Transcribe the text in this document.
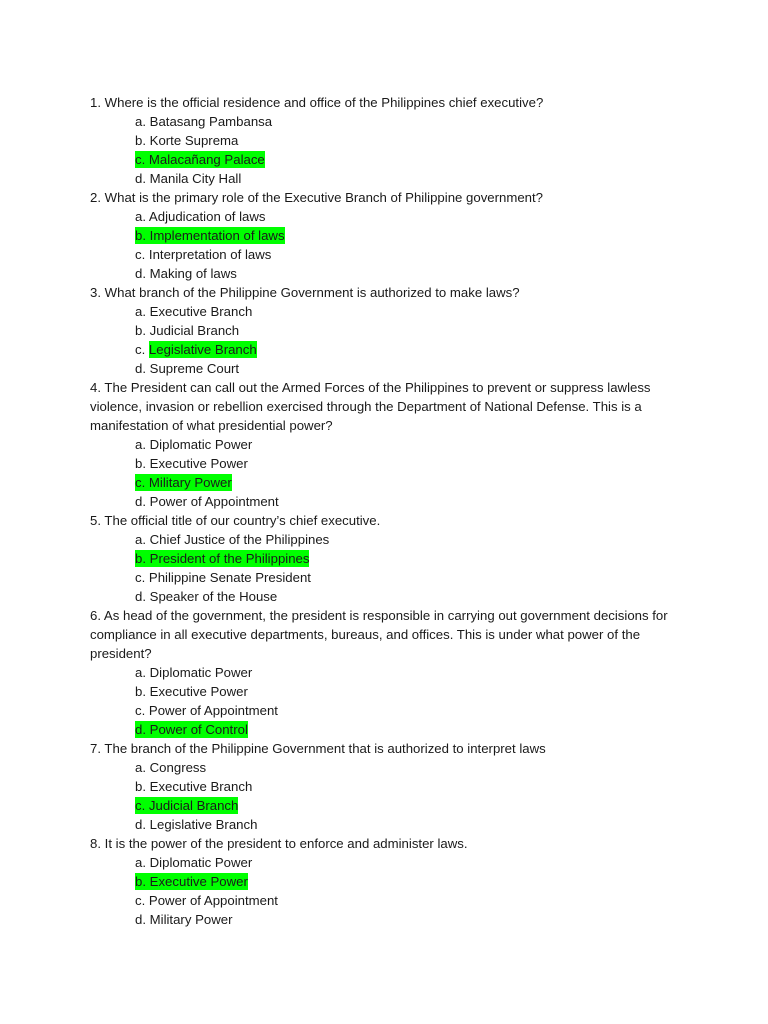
1. Where is the official residence and office of the Philippines chief executive?
a. Batasang Pambansa
b. Korte Suprema
c. Malacañang Palace
d. Manila City Hall
2. What is the primary role of the Executive Branch of Philippine government?
a. Adjudication of laws
b. Implementation of laws
c. Interpretation of laws
d. Making of laws
3. What branch of the Philippine Government is authorized to make laws?
a. Executive Branch
b. Judicial Branch
c. Legislative Branch
d. Supreme Court
4. The President can call out the Armed Forces of the Philippines to prevent or suppress lawless violence, invasion or rebellion exercised through the Department of National Defense. This is a manifestation of what presidential power?
a. Diplomatic Power
b. Executive Power
c. Military Power
d. Power of Appointment
5. The official title of our country’s chief executive.
a. Chief Justice of the Philippines
b. President of the Philippines
c. Philippine Senate President
d. Speaker of the House
6. As head of the government, the president is responsible in carrying out government decisions for compliance in all executive departments, bureaus, and offices. This is under what power of the president?
a. Diplomatic Power
b. Executive Power
c. Power of Appointment
d. Power of Control
7. The branch of the Philippine Government that is authorized to interpret laws
a. Congress
b. Executive Branch
c. Judicial Branch
d. Legislative Branch
8. It is the power of the president to enforce and administer laws.
a. Diplomatic Power
b. Executive Power
c. Power of Appointment
d. Military Power
